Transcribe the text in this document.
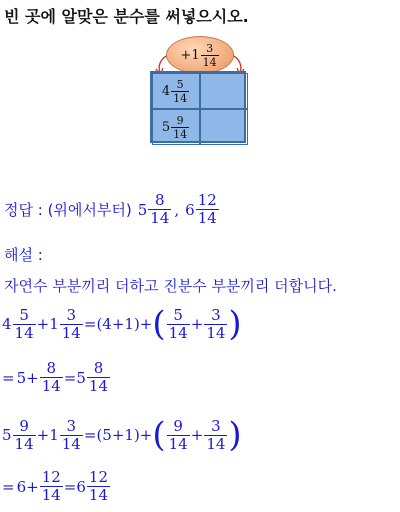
빈 곳에 알맞은 분수를 써넣으시오.
+ $1 \frac{3}{14}$
$4 \frac{5}{14}$
$5 \frac{9}{14}$
정답 : (위에서부터) $5 \frac{8}{14}$ , $6 \frac{12}{14}$
해설 :
자연수 부분끼리 더하고 진분수 부분끼리 더합니다.
$4 \frac{5}{14} + 1 \frac{3}{14} = (4+1)$ + ( $\frac{5}{14} + \frac{3}{14}$ )
= $5 + \frac{8}{14} = 5 \frac{8}{14}$
$5 \frac{9}{14} + 1 \frac{3}{14} = (5+1)$ + ( $\frac{9}{14} + \frac{3}{14}$ )
= $6 + \frac{12}{14} = 6 \frac{12}{14}$
